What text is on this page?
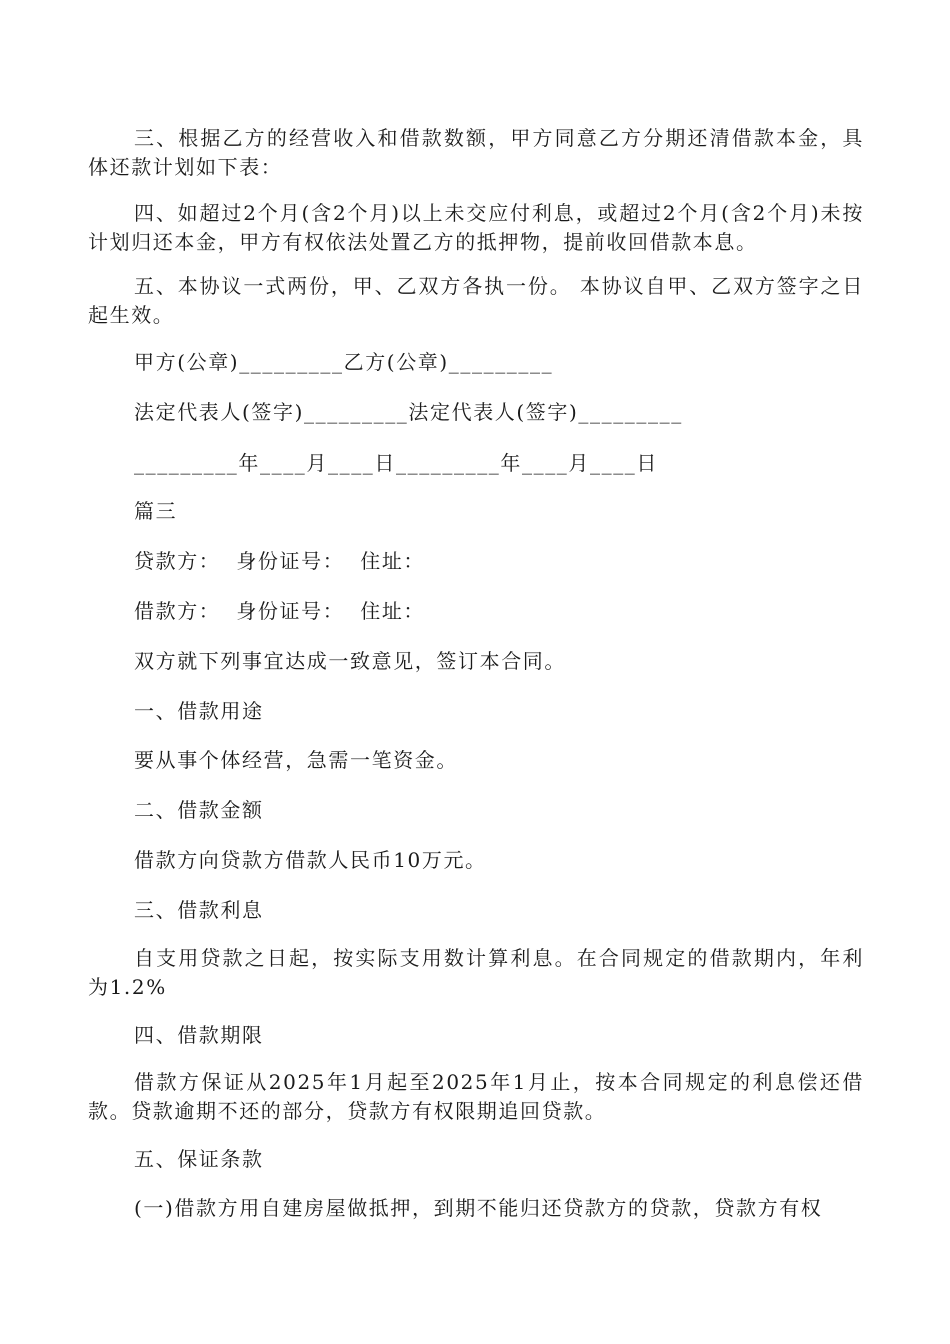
三、根据乙方的经营收入和借款数额，甲方同意乙方分期还清借款本金，具体还款计划如下表：
四、如超过2个月(含2个月)以上未交应付利息，或超过2个月(含2个月)未按计划归还本金，甲方有权依法处置乙方的抵押物，提前收回借款本息。
五、本协议一式两份，甲、乙双方各执一份。 本协议自甲、乙双方签字之日起生效。
甲方(公章)_________乙方(公章)_________
法定代表人(签字)_________法定代表人(签字)_________
_________年____月____日_________年____月____日
篇三
贷款方：  身份证号：  住址：
借款方：  身份证号：  住址：
双方就下列事宜达成一致意见，签订本合同。
一、借款用途
要从事个体经营，急需一笔资金。
二、借款金额
借款方向贷款方借款人民币10万元。
三、借款利息
自支用贷款之日起，按实际支用数计算利息。在合同规定的借款期内，年利为1.2%
四、借款期限
借款方保证从2025年1月起至2025年1月止，按本合同规定的利息偿还借款。贷款逾期不还的部分，贷款方有权限期追回贷款。
五、保证条款
(一)借款方用自建房屋做抵押，到期不能归还贷款方的贷款，贷款方有权
